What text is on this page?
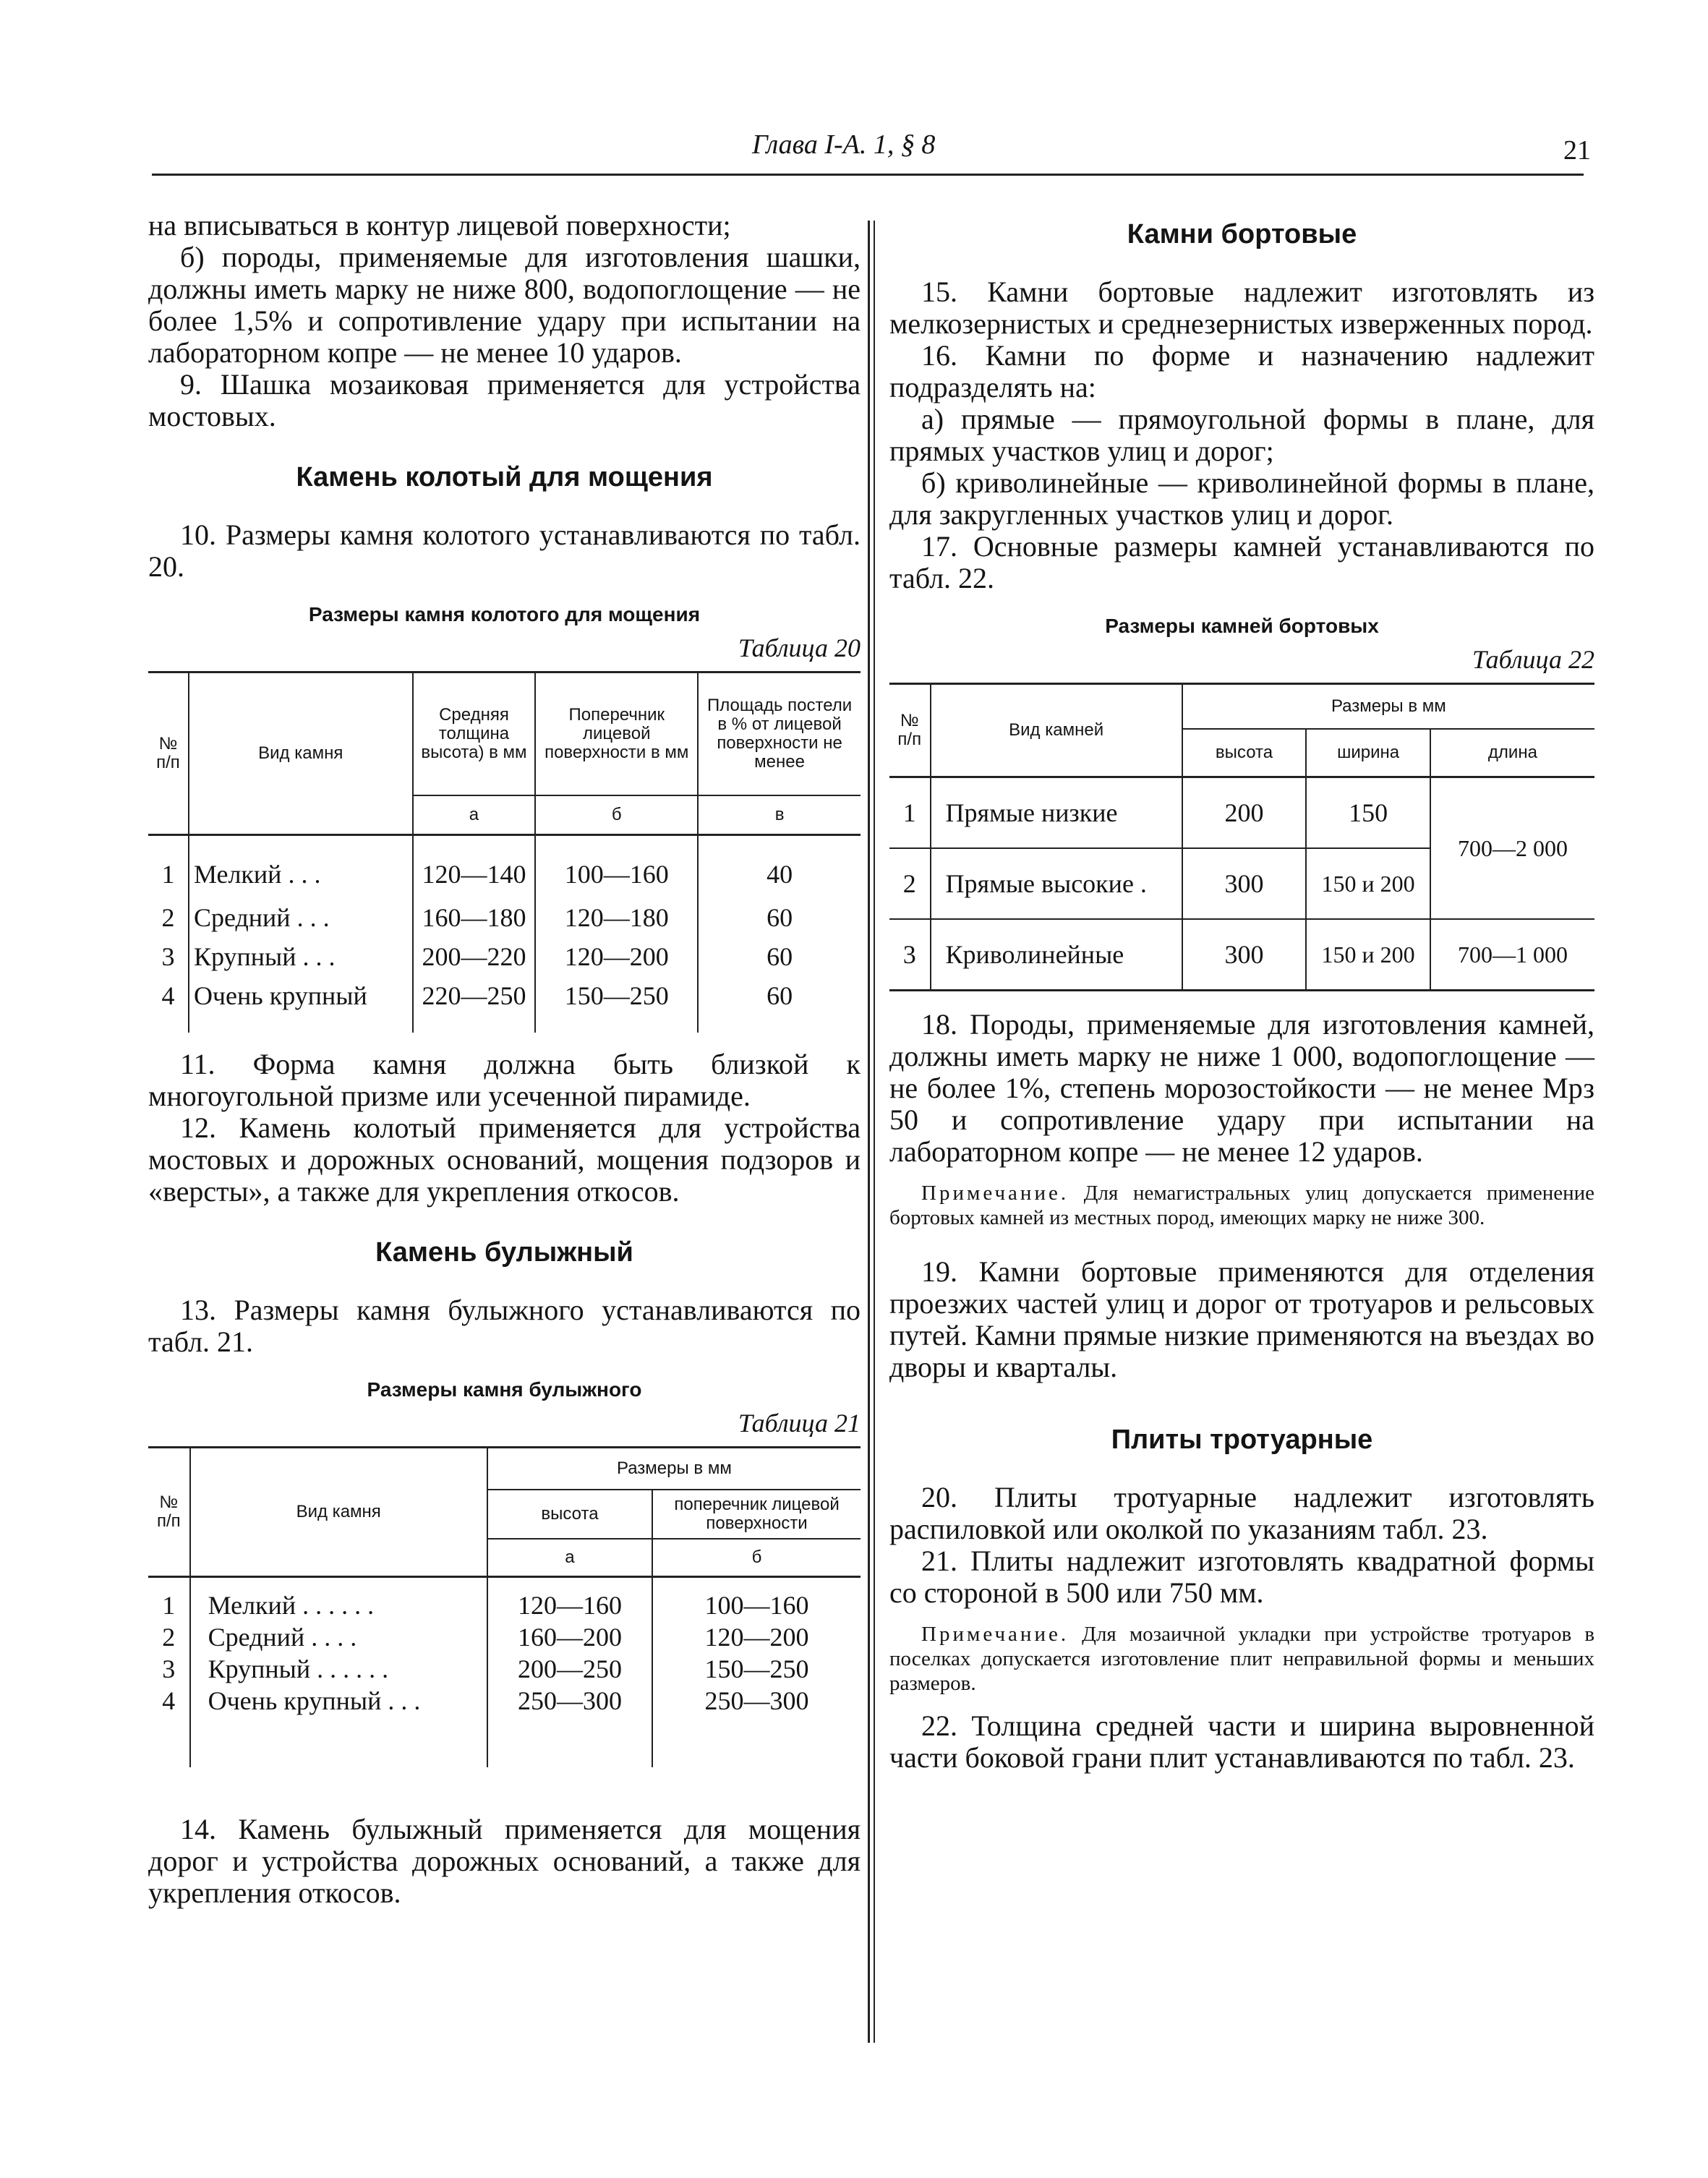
Глава I-А. 1, § 8	21

на вписываться в контур лицевой поверхности;

б) породы, применяемые для изготовления шашки, должны иметь марку не ниже 800, водопоглощение — не более 1,5% и сопротивление удару при испытании на лабораторном копре — не менее 10 ударов.

9. Шашка мозаиковая применяется для устройства мостовых.

Камень колотый для мощения

10. Размеры камня колотого устанавливаются по табл. 20.

Размеры камня колотого для мощения
Таблица 20
№ п/п	Вид камня	Средняя толщина высота) в мм	Поперечник лицевой поверхности в мм	Площадь постели в % от лицевой поверхности не менее
		а	б	в
1	Мелкий . . .	120—140	100—160	40
2	Средний . . .	160—180	120—180	60
3	Крупный . . .	200—220	120—200	60
4	Очень крупный	220—250	150—250	60

11. Форма камня должна быть близкой к многоугольной призме или усеченной пирамиде.

12. Камень колотый применяется для устройства мостовых и дорожных оснований, мощения подзоров и «версты», а также для укрепления откосов.

Камень булыжный

13. Размеры камня булыжного устанавливаются по табл. 21.

Размеры камня булыжного
Таблица 21
№ п/п	Вид камня	Размеры в мм	
		высота	поперечник лицевой поверхности
		а	б
1	Мелкий . . . . . .	120—160	100—160
2	Средний . . . .	160—200	120—200
3	Крупный . . . . . .	200—250	150—250
4	Очень крупный . . .	250—300	250—300

14. Камень булыжный применяется для мощения дорог и устройства дорожных оснований, а также для укрепления откосов.

Камни бортовые

15. Камни бортовые надлежит изготовлять из мелкозернистых и среднезернистых изверженных пород.

16. Камни по форме и назначению надлежит подразделять на:

а) прямые — прямоугольной формы в плане, для прямых участков улиц и дорог;

б) криволинейные — криволинейной формы в плане, для закругленных участков улиц и дорог.

17. Основные размеры камней устанавливаются по табл. 22.

Размеры камней бортовых
Таблица 22
№ п/п	Вид камней	Размеры в мм		
		высота	ширина	длина
1	Прямые низкие	200	150	700—2 000
2	Прямые высокие .	300	150 и 200	
3	Криволинейные	300	150 и 200	700—1 000

18. Породы, применяемые для изготовления камней, должны иметь марку не ниже 1 000, водопоглощение — не более 1%, степень морозостойкости — не менее Мрз 50 и сопротивление удару при испытании на лабораторном копре — не менее 12 ударов.

Примечание. Для немагистральных улиц допускается применение бортовых камней из местных пород, имеющих марку не ниже 300.

19. Камни бортовые применяются для отделения проезжих частей улиц и дорог от тротуаров и рельсовых путей. Камни прямые низкие применяются на въездах во дворы и кварталы.

Плиты тротуарные

20. Плиты тротуарные надлежит изготовлять распиловкой или околкой по указаниям табл. 23.

21. Плиты надлежит изготовлять квадратной формы со стороной в 500 или 750 мм.

Примечание. Для мозаичной укладки при устройстве тротуаров в поселках допускается изготовление плит неправильной формы и меньших размеров.

22. Толщина средней части и ширина выровненной части боковой грани плит устанавливаются по табл. 23.
